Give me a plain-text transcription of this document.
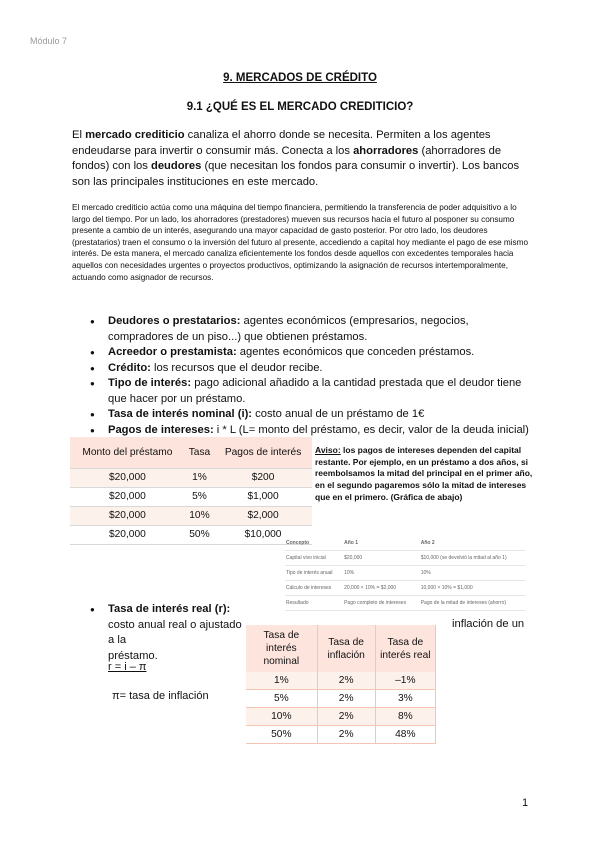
Módulo 7
9. MERCADOS DE CRÉDITO
9.1 ¿QUÉ ES EL MERCADO CREDITICIO?
El mercado crediticio canaliza el ahorro donde se necesita. Permiten a los agentes endeudarse para invertir o consumir más. Conecta a los ahorradores (ahorradores de fondos) con los deudores (que necesitan los fondos para consumir o invertir). Los bancos son las principales instituciones en este mercado.
El mercado crediticio actúa como una máquina del tiempo financiera, permitiendo la transferencia de poder adquisitivo a lo largo del tiempo. Por un lado, los ahorradores (prestadores) mueven sus recursos hacia el futuro al posponer su consumo presente a cambio de un interés, asegurando una mayor capacidad de gasto posterior. Por otro lado, los deudores (prestatarios) traen el consumo o la inversión del futuro al presente, accediendo a capital hoy mediante el pago de ese mismo interés. De esta manera, el mercado canaliza eficientemente los fondos desde aquellos con excedentes temporales hacia aquellos con necesidades urgentes o proyectos productivos, optimizando la asignación de recursos intertemporalmente, actuando como asignador de recursos.
● Deudores o prestatarios: agentes económicos (empresarios, negocios, compradores de un piso...) que obtienen préstamos.
● Acreedor o prestamista: agentes económicos que conceden préstamos.
● Crédito: los recursos que el deudor recibe.
● Tipo de interés: pago adicional añadido a la cantidad prestada que el deudor tiene que hacer por un préstamo.
● Tasa de interés nominal (i): costo anual de un préstamo de 1€
● Pagos de intereses: i * L (L= monto del préstamo, es decir, valor de la deuda inicial)
Monto del préstamo	Tasa	Pagos de interés
$20,000	1%	$200
$20,000	5%	$1,000
$20,000	10%	$2,000
$20,000	50%	$10,000
Aviso: los pagos de intereses dependen del capital restante. Por ejemplo, en un préstamo a dos años, si reembolsamos la mitad del principal en el primer año, en el segundo pagaremos sólo la mitad de intereses que en el primero. (Gráfica de abajo)
Concepto	Año 1	Año 2
Capital vivo inicial	$20,000	$10,000 (se devolvió la mitad al año 1)
Tipo de interés anual	10%	10%
Cálculo de intereses	20,000 × 10% = $2,000	10,000 × 10% = $1,000
Resultado	Pago completo de intereses	Pago de la mitad de intereses (ahorro)
●	Tasa de interés real (r): costo anual real o ajustado a la
préstamo.
inflación de un
r = i – π
π= tasa de inflación
Tasa de interés nominal	Tasa de inflación	Tasa de interés real
1%	2%	–1%
5%	2%	3%
10%	2%	8%
50%	2%	48%
1
